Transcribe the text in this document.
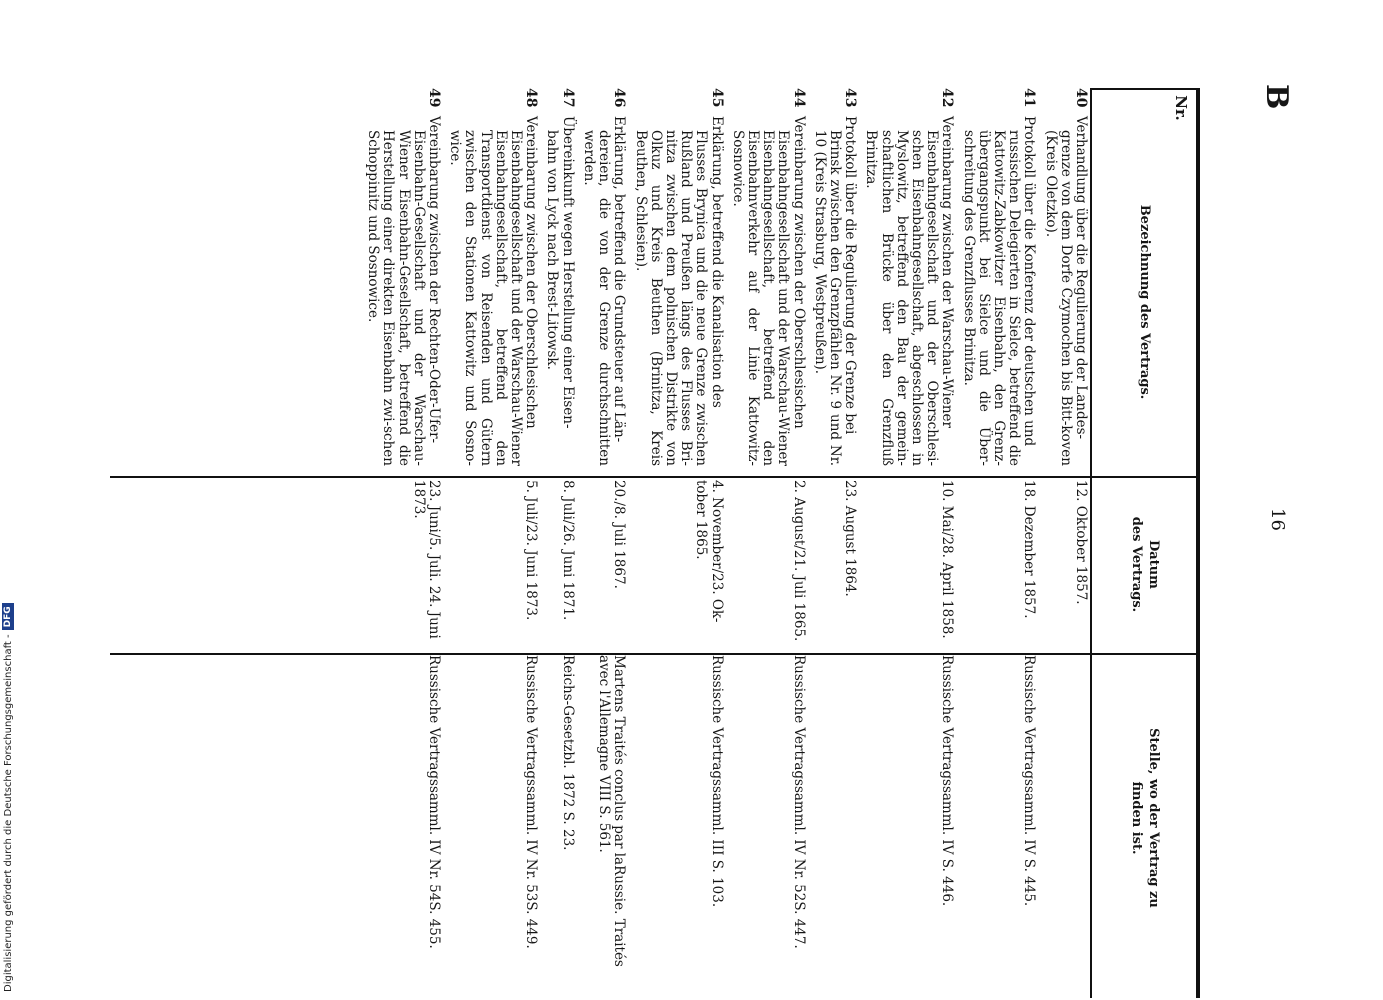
B
16
Nr.
Bezeichnung des Vertrags.
Datum
des Vertrags.
Stelle, wo der Vertrag zu
finden ist.
40
Verhandlung über die Regulierung der Landes-
grenze von dem Dorfe Czymochen bis Bitt-koven (Kreis Oletzko).
12. Oktober 1857.
41
Protokoll über die Konferenz der deutschen und
russischen Delegierten in Sielce, betreffend die Kattowitz-Zabkowitzer Eisenbahn, den Grenz-übergangspunkt bei Sielce und die Über-schreitung des Grenzflusses Brinitza.
18. Dezember 1857.
Russische Vertragssamml. IV S. 445.
42
Vereinbarung zwischen der Warschau-Wiener
Eisenbahngesellschaft und der Oberschlesi-schen Eisenbahngesellschaft, abgeschlossen in Myslowitz, betreffend den Bau der gemein-schaftlichen Brücke über den Grenzfluß Brinitza.
10. Mai/28. April 1858.
Russische Vertragssamml. IV S. 446.
43
Protokoll über die Regulierung der Grenze bei
Brinsk zwischen den Grenzpfählen Nr. 9 und Nr. 10 (Kreis Strasburg, Westpreußen).
23. August 1864.
44
Vereinbarung zwischen der Oberschlesischen
Eisenbahngesellschaft und der Warschau-Wiener Eisenbahngesellschaft, betreffend den Eisenbahnverkehr auf der Linie Kattowitz-Sosnowice.
2. August/21. Juli 1865.
Russische Vertragssamml. IV Nr. 52S. 447.
45
Erklärung, betreffend die Kanalisation des
Flusses Brynica und die neue Grenze zwischen Rußland und Preußen längs des Flusses Bri-nitza zwischen dem polnischen Distrikte von Olkuz und Kreis Beuthen (Brinitza, Kreis Beuthen, Schlesien).
4. November/23. Ok-tober 1865.
Russische Vertragssamml. III S. 103.
46
Erklärung, betreffend die Grundsteuer auf Län-
dereien, die von der Grenze durchschnitten werden.
20./8. Juli 1867.
Martens Traités conclus par laRussie. Traités avec l'Allemagne VIII S. 561.
47
Übereinkunft wegen Herstellung einer Eisen-
bahn von Lyck nach Brest-Litowsk.
8. Juli/26. Juni 1871.
Reichs-Gesetzbl. 1872 S. 23.
48
Vereinbarung zwischen der Oberschlesischen
Eisenbahngesellschaft und der Warschau-Wiener Eisenbahngesellschaft, betreffend den Transportdienst von Reisenden und Gütern zwischen den Stationen Kattowitz und Sosno-wice.
5. Juli/23. Juni 1873.
Russische Vertragssamml. IV Nr. 53S. 449.
49
Vereinbarung zwischen der Rechten-Oder-Ufer-
Eisenbahn-Gesellschaft und der Warschau-Wiener Eisenbahn-Gesellschaft, betreffend die Herstellung einer direkten Eisenbahn zwi-schen Schoppinitz und Sosnowice.
23. Juni/5. Juli. 24. Juni 1873.
Russische Vertragssamml. IV Nr. 54S. 455.
Digitalisierung gefördert durch die Deutsche Forschungsgemeinschaft -
DFG
